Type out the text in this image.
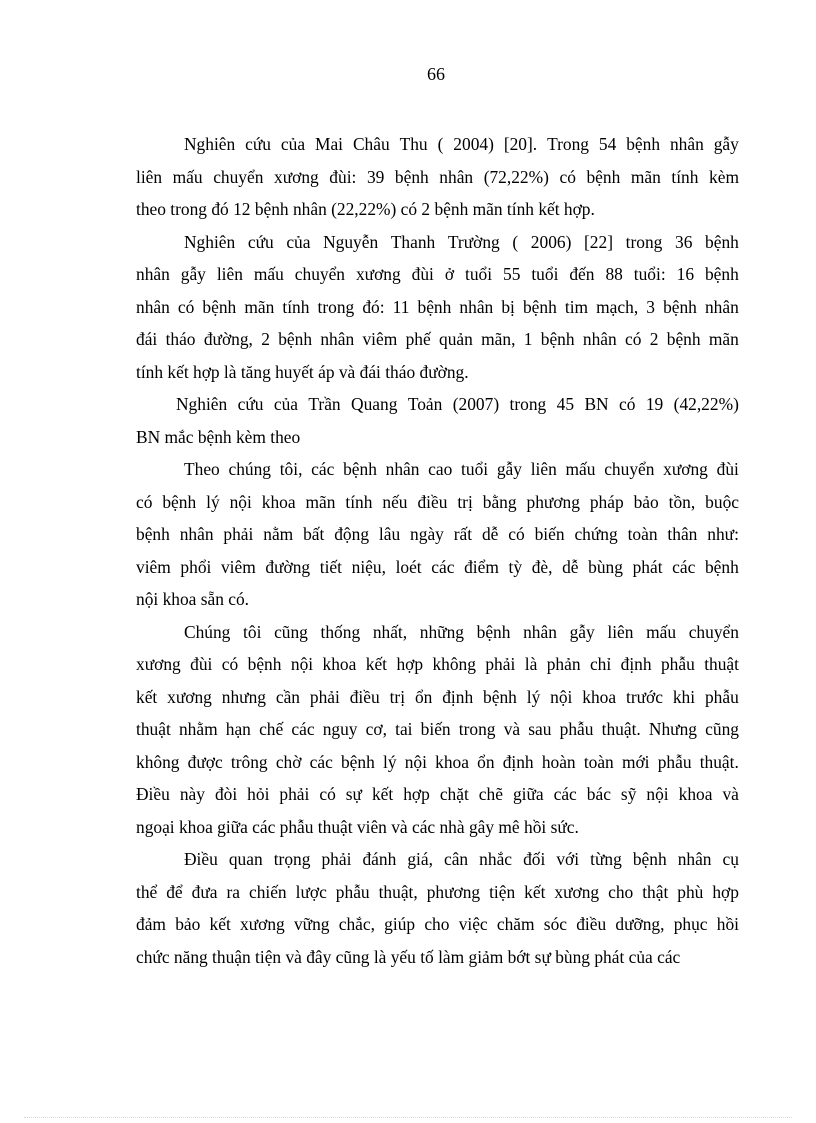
66
Nghiên cứu của Mai Châu Thu ( 2004) [20]. Trong 54 bệnh nhân gẫy
liên mấu chuyển xương đùi: 39 bệnh nhân (72,22%) có bệnh mãn tính kèm
theo trong đó 12 bệnh nhân (22,22%) có 2 bệnh mãn tính kết hợp.
Nghiên cứu của Nguyễn Thanh Trường ( 2006) [22] trong 36 bệnh
nhân gẫy liên mấu chuyển xương đùi ở tuổi 55 tuổi đến 88 tuổi: 16 bệnh
nhân có bệnh mãn tính trong đó: 11 bệnh nhân bị bệnh tim mạch, 3 bệnh nhân
đái tháo đường, 2 bệnh nhân viêm phế quản mãn, 1 bệnh nhân có 2 bệnh mãn
tính kết hợp là tăng huyết áp và đái tháo đường.
Nghiên cứu của Trần Quang Toản (2007) trong 45 BN có 19 (42,22%)
BN mắc bệnh kèm theo
Theo chúng tôi, các bệnh nhân cao tuổi gẫy liên mấu chuyển xương đùi
có bệnh lý nội khoa mãn tính nếu điều trị bằng phương pháp bảo tồn, buộc
bệnh nhân phải nằm bất động lâu ngày rất dễ có biến chứng toàn thân như:
viêm phổi viêm đường tiết niệu, loét các điểm tỳ đè, dễ bùng phát các bệnh
nội khoa sẵn có.
Chúng tôi cũng thống nhất, những bệnh nhân gẫy liên mấu chuyển
xương đùi có bệnh nội khoa kết hợp không phải là phản chỉ định phẫu thuật
kết xương nhưng cần phải điều trị ổn định bệnh lý nội khoa trước khi phẫu
thuật nhằm hạn chế các nguy cơ, tai biến trong và sau phẫu thuật. Nhưng cũng
không được trông chờ các bệnh lý nội khoa ổn định hoàn toàn mới phẫu thuật.
Điều này đòi hỏi phải có sự kết hợp chặt chẽ giữa các bác sỹ nội khoa và
ngoại khoa giữa các phẫu thuật viên và các nhà gây mê hồi sức.
Điều quan trọng phải đánh giá, cân nhắc đối với từng bệnh nhân cụ
thể để đưa ra chiến lược phẫu thuật, phương tiện kết xương cho thật phù hợp
đảm bảo kết xương vững chắc, giúp cho việc chăm sóc điều dưỡng, phục hồi
chức năng thuận tiện và đây cũng là yếu tố làm giảm bớt sự bùng phát của các
